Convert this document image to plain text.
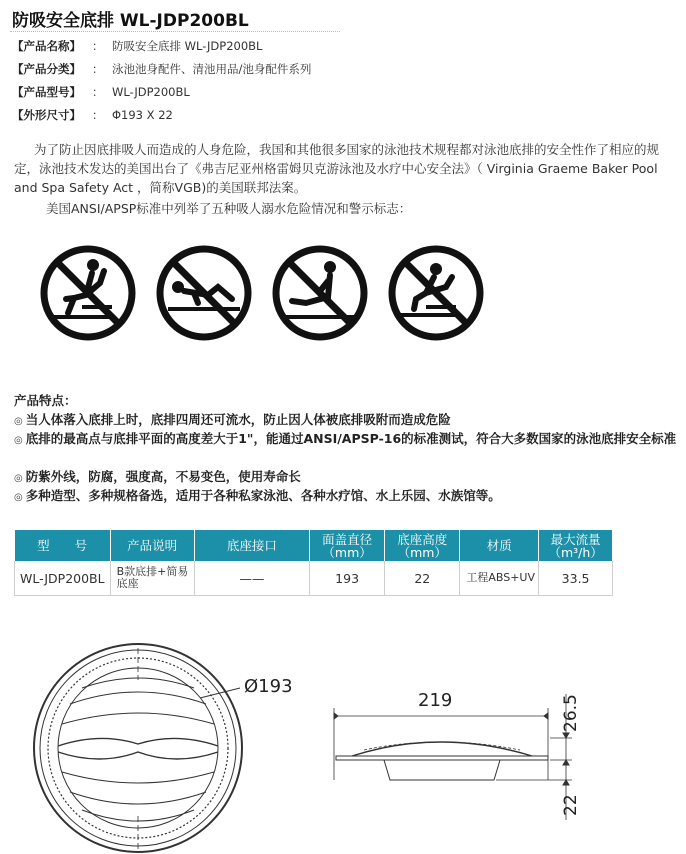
防吸安全底排 WL-JDP200BL
【产品名称】 ： 防吸安全底排 WL-JDP200BL
【产品分类】 ： 泳池池身配件、清池用品/池身配件系列
【产品型号】 ： WL-JDP200BL
【外形尺寸】 ： Φ193 X 22
为了防止因底排吸人而造成的人身危险，我国和其他很多国家的泳池技术规程都对泳池底排的安全性作了相应的规定，泳池技术发达的美国出台了《弗吉尼亚州格雷姆贝克游泳池及水疗中心安全法》（ Virginia Graeme Baker Pool and Spa Safety Act ，简称VGB)的美国联邦法案。
美国ANSI/APSP标准中列举了五种吸人溺水危险情况和警示标志：
产品特点：
◎ 当人体落入底排上时，底排四周还可流水，防止因人体被底排吸附而造成危险
◎ 底排的最高点与底排平面的高度差大于1"，能通过ANSI/APSP-16的标准测试，符合大多数国家的泳池底排安全标准
◎ 防紫外线，防腐，强度高，不易变色，使用寿命长
◎ 多种造型、多种规格备选，适用于各种私家泳池、各种水疗馆、水上乐园、水族馆等。
型　　号	产品说明	底座接口	面盖直径（mm）	底座高度（mm）	材质	最大流量（m³/h）
WL-JDP200BL	B款底排+简易底座	——	193	22	工程ABS+UV	33.5
Ø193
219	26.5
22
